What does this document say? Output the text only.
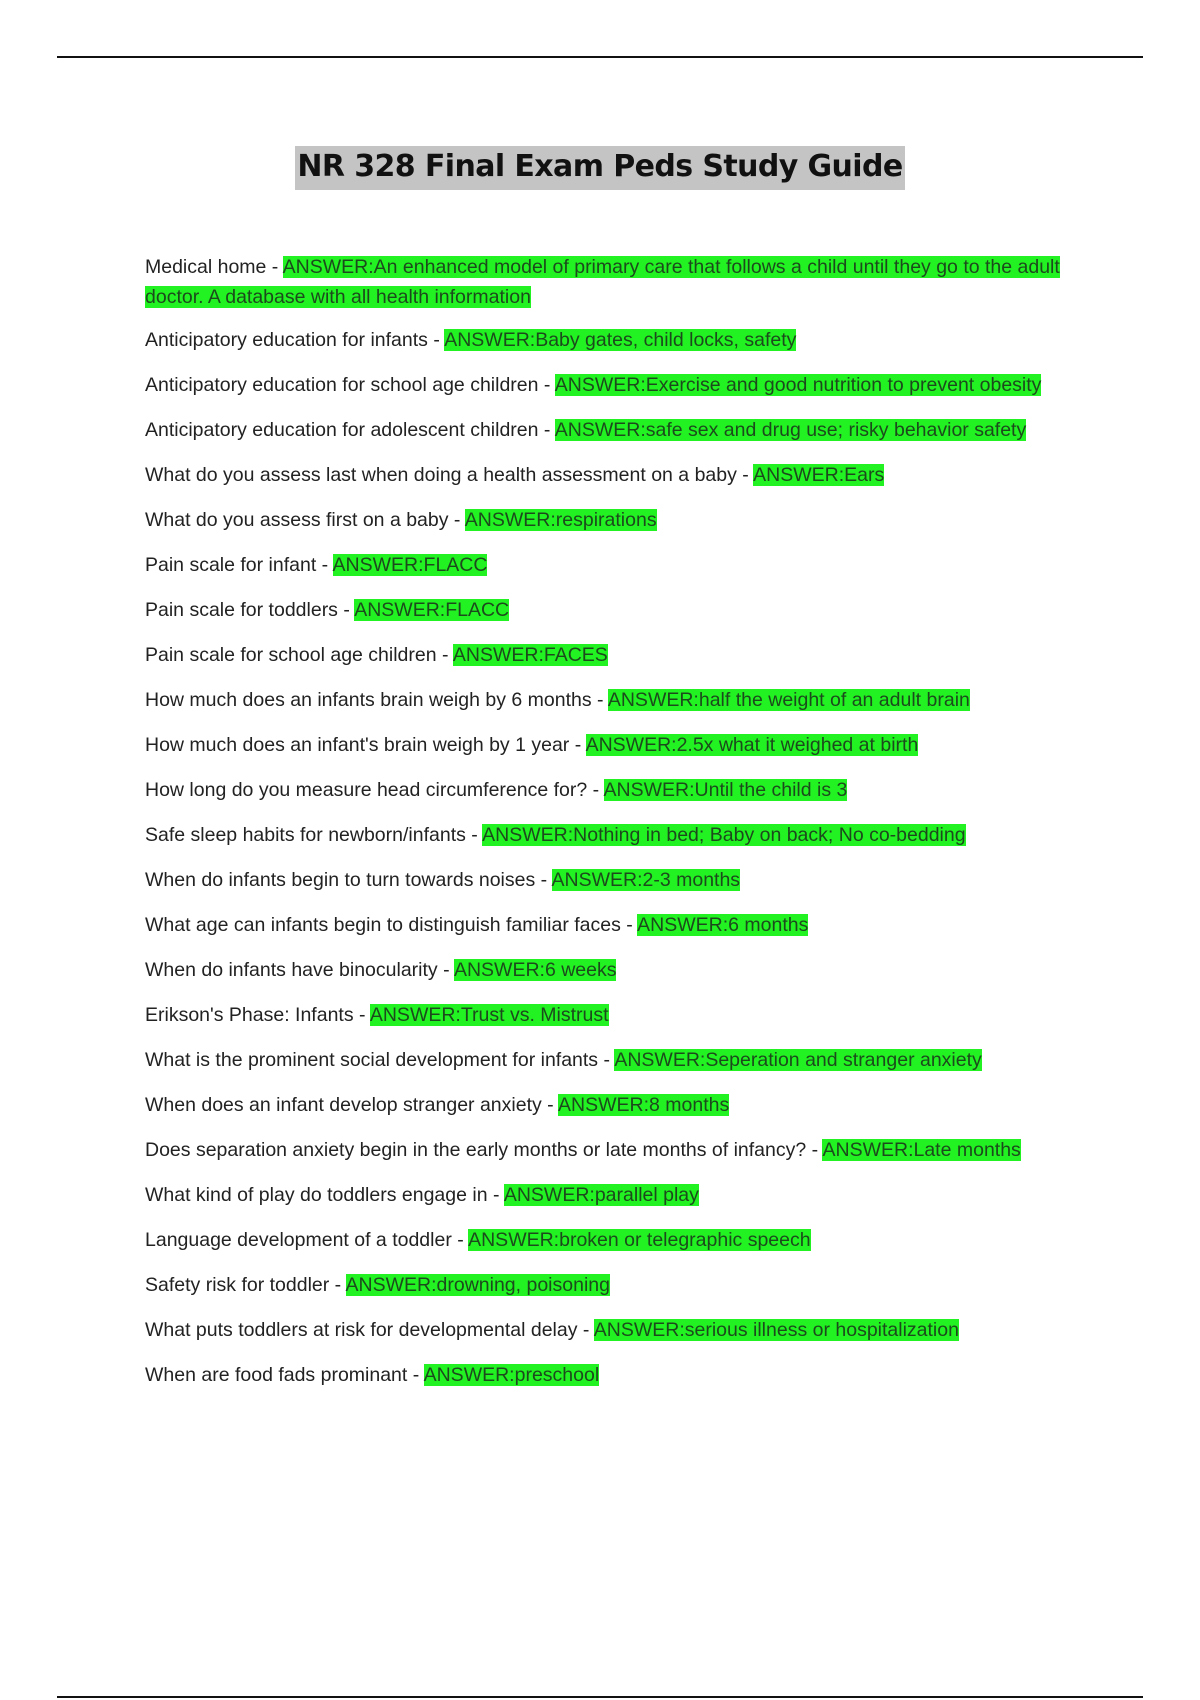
NR 328 Final Exam Peds Study Guide
Medical home - ANSWER:An enhanced model of primary care that follows a child until they go to the adult doctor. A database with all health information
Anticipatory education for infants - ANSWER:Baby gates, child locks, safety
Anticipatory education for school age children - ANSWER:Exercise and good nutrition to prevent obesity
Anticipatory education for adolescent children - ANSWER:safe sex and drug use; risky behavior safety
What do you assess last when doing a health assessment on a baby - ANSWER:Ears
What do you assess first on a baby - ANSWER:respirations
Pain scale for infant - ANSWER:FLACC
Pain scale for toddlers - ANSWER:FLACC
Pain scale for school age children - ANSWER:FACES
How much does an infants brain weigh by 6 months - ANSWER:half the weight of an adult brain
How much does an infant's brain weigh by 1 year - ANSWER:2.5x what it weighed at birth
How long do you measure head circumference for? - ANSWER:Until the child is 3
Safe sleep habits for newborn/infants - ANSWER:Nothing in bed; Baby on back; No co-bedding
When do infants begin to turn towards noises - ANSWER:2-3 months
What age can infants begin to distinguish familiar faces - ANSWER:6 months
When do infants have binocularity - ANSWER:6 weeks
Erikson's Phase: Infants - ANSWER:Trust vs. Mistrust
What is the prominent social development for infants - ANSWER:Seperation and stranger anxiety
When does an infant develop stranger anxiety - ANSWER:8 months
Does separation anxiety begin in the early months or late months of infancy? - ANSWER:Late months
What kind of play do toddlers engage in - ANSWER:parallel play
Language development of a toddler - ANSWER:broken or telegraphic speech
Safety risk for toddler - ANSWER:drowning, poisoning
What puts toddlers at risk for developmental delay - ANSWER:serious illness or hospitalization
When are food fads prominant - ANSWER:preschool
